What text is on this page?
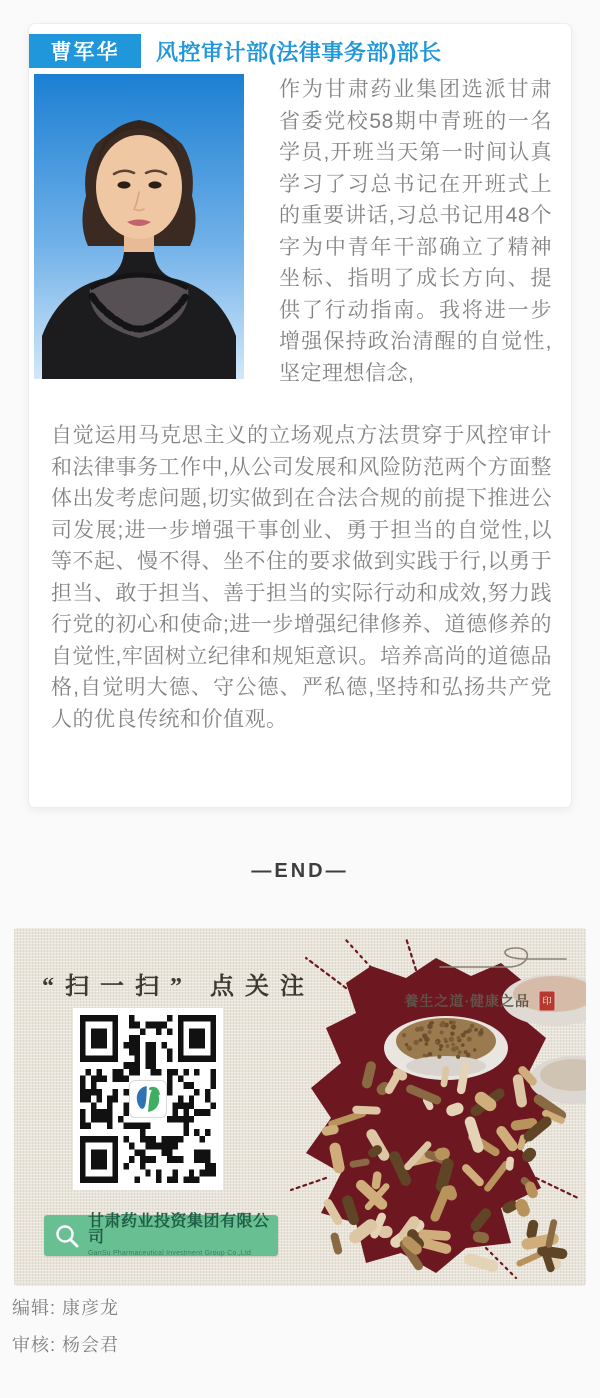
曹军华 风控审计部(法律事务部)部长

作为甘肃药业集团选派甘肃省委党校58期中青班的一名学员,开班当天第一时间认真学习了习总书记在开班式上的重要讲话,习总书记用48个字为中青年干部确立了精神坐标、指明了成长方向、提供了行动指南。我将进一步增强保持政治清醒的自觉性,坚定理想信念,

自觉运用马克思主义的立场观点方法贯穿于风控审计和法律事务工作中,从公司发展和风险防范两个方面整体出发考虑问题,切实做到在合法合规的前提下推进公司发展;进一步增强干事创业、勇于担当的自觉性,以等不起、慢不得、坐不住的要求做到实践于行,以勇于担当、敢于担当、善于担当的实际行动和成效,努力践行党的初心和使命;进一步增强纪律修养、道德修养的自觉性,牢固树立纪律和规矩意识。培养高尚的道德品格,自觉明大德、守公德、严私德,坚持和弘扬共产党人的优良传统和价值观。

—END—
“扫一扫” 点关注
養生之道·健康之品	印
甘肃药业投资集团有限公司
GanSu Pharmaceutical Investment Group Co.,Ltd
编辑: 康彦龙
审核: 杨会君
